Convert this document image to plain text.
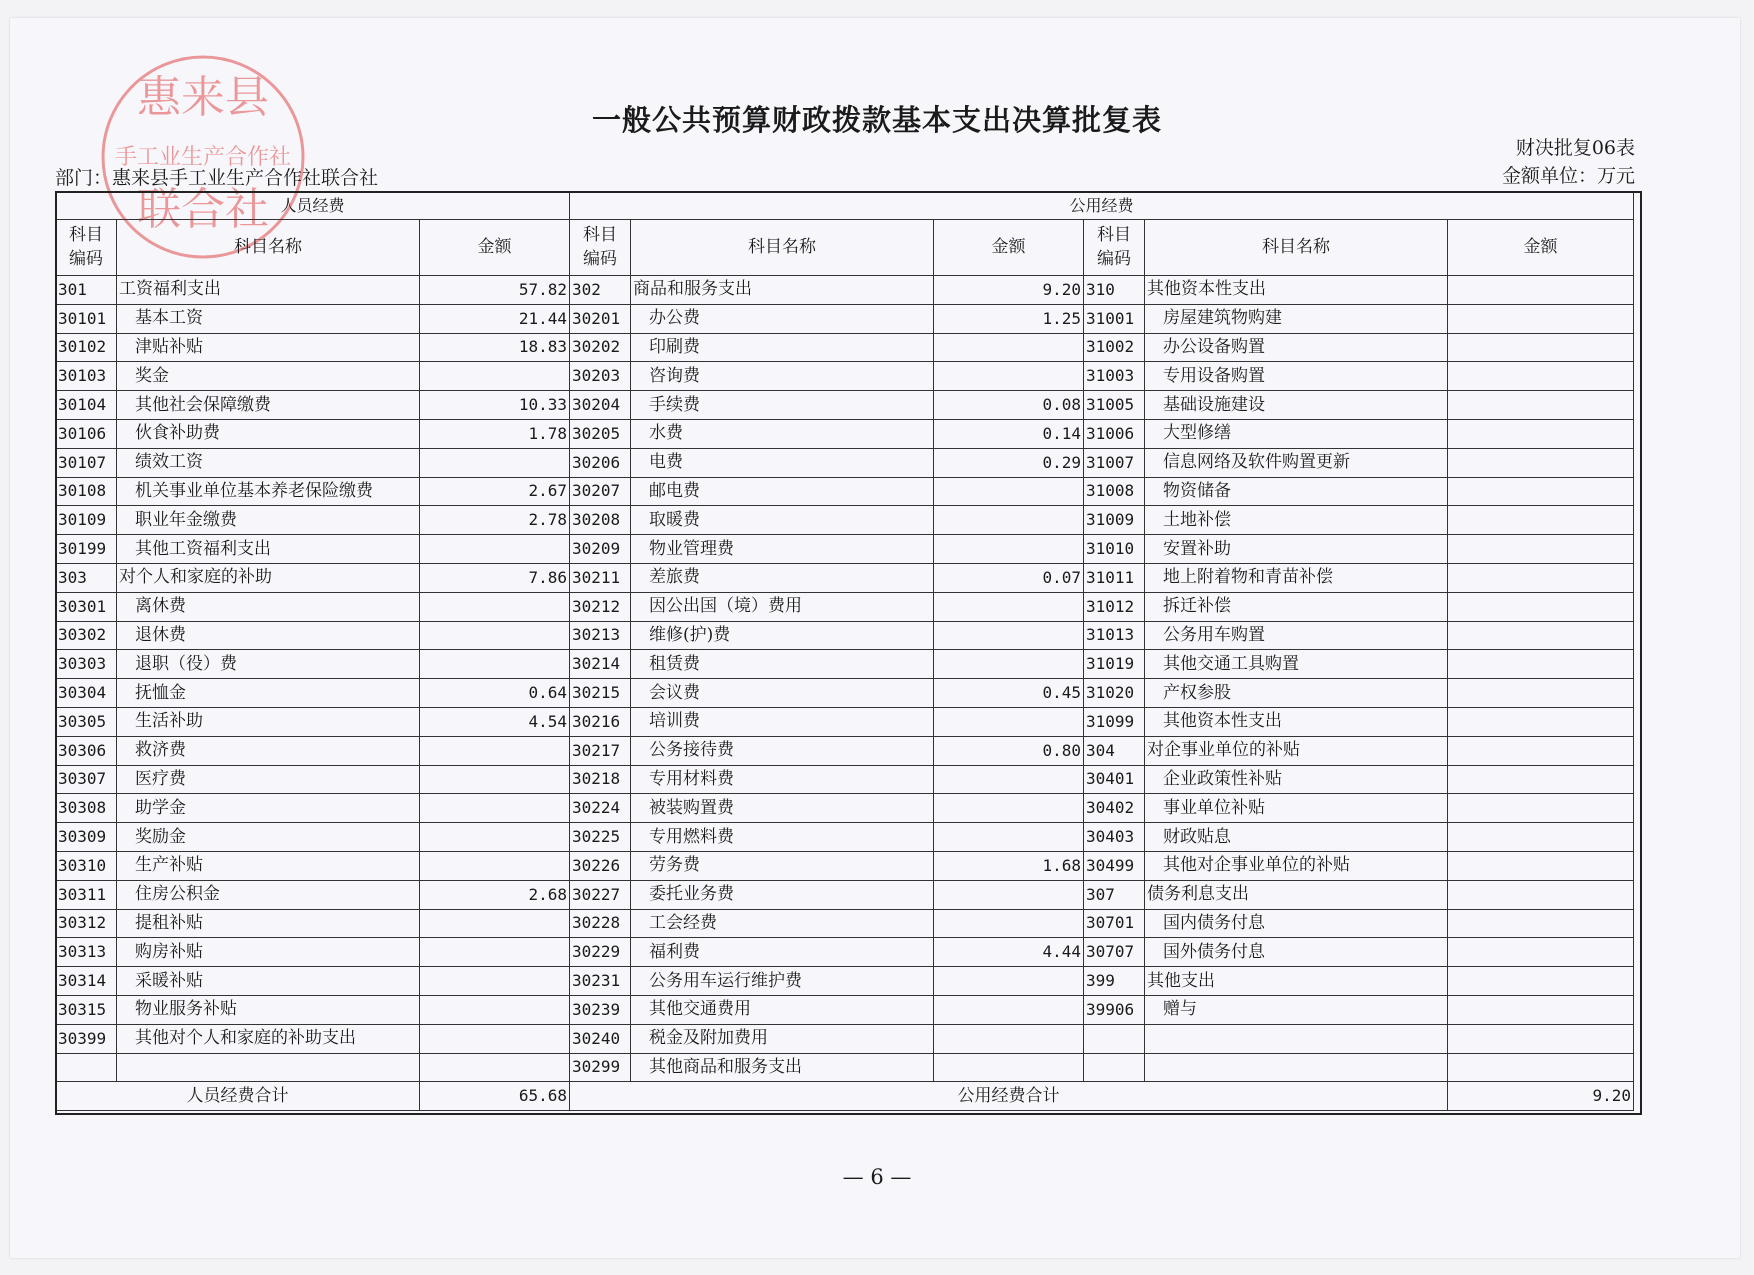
惠来县
手工业生产合作社
联合社
一般公共预算财政拨款基本支出决算批复表
财决批复06表
金额单位：万元
部门：惠来县手工业生产合作社联合社
人员经费			公用经费					
科目
编码	科目名称	金额	科目
编码	科目名称	金额	科目
编码	科目名称	金额
301	工资福利支出	57.82	302	商品和服务支出	9.20	310	其他资本性支出	
30101	基本工资	21.44	30201	办公费	1.25	31001	房屋建筑物购建	
30102	津贴补贴	18.83	30202	印刷费		31002	办公设备购置	
30103	奖金		30203	咨询费		31003	专用设备购置	
30104	其他社会保障缴费	10.33	30204	手续费	0.08	31005	基础设施建设	
30106	伙食补助费	1.78	30205	水费	0.14	31006	大型修缮	
30107	绩效工资		30206	电费	0.29	31007	信息网络及软件购置更新	
30108	机关事业单位基本养老保险缴费	2.67	30207	邮电费		31008	物资储备	
30109	职业年金缴费	2.78	30208	取暖费		31009	土地补偿	
30199	其他工资福利支出		30209	物业管理费		31010	安置补助	
303	对个人和家庭的补助	7.86	30211	差旅费	0.07	31011	地上附着物和青苗补偿	
30301	离休费		30212	因公出国（境）费用		31012	拆迁补偿	
30302	退休费		30213	维修(护)费		31013	公务用车购置	
30303	退职（役）费		30214	租赁费		31019	其他交通工具购置	
30304	抚恤金	0.64	30215	会议费	0.45	31020	产权参股	
30305	生活补助	4.54	30216	培训费		31099	其他资本性支出	
30306	救济费		30217	公务接待费	0.80	304	对企事业单位的补贴	
30307	医疗费		30218	专用材料费		30401	企业政策性补贴	
30308	助学金		30224	被装购置费		30402	事业单位补贴	
30309	奖励金		30225	专用燃料费		30403	财政贴息	
30310	生产补贴		30226	劳务费	1.68	30499	其他对企事业单位的补贴	
30311	住房公积金	2.68	30227	委托业务费		307	债务利息支出	
30312	提租补贴		30228	工会经费		30701	国内债务付息	
30313	购房补贴		30229	福利费	4.44	30707	国外债务付息	
30314	采暖补贴		30231	公务用车运行维护费		399	其他支出	
30315	物业服务补贴		30239	其他交通费用		39906	赠与	
30399	其他对个人和家庭的补助支出		30240	税金及附加费用				
			30299	其他商品和服务支出				
人员经费合计		65.68	公用经费合计					9.20
— 6 —
